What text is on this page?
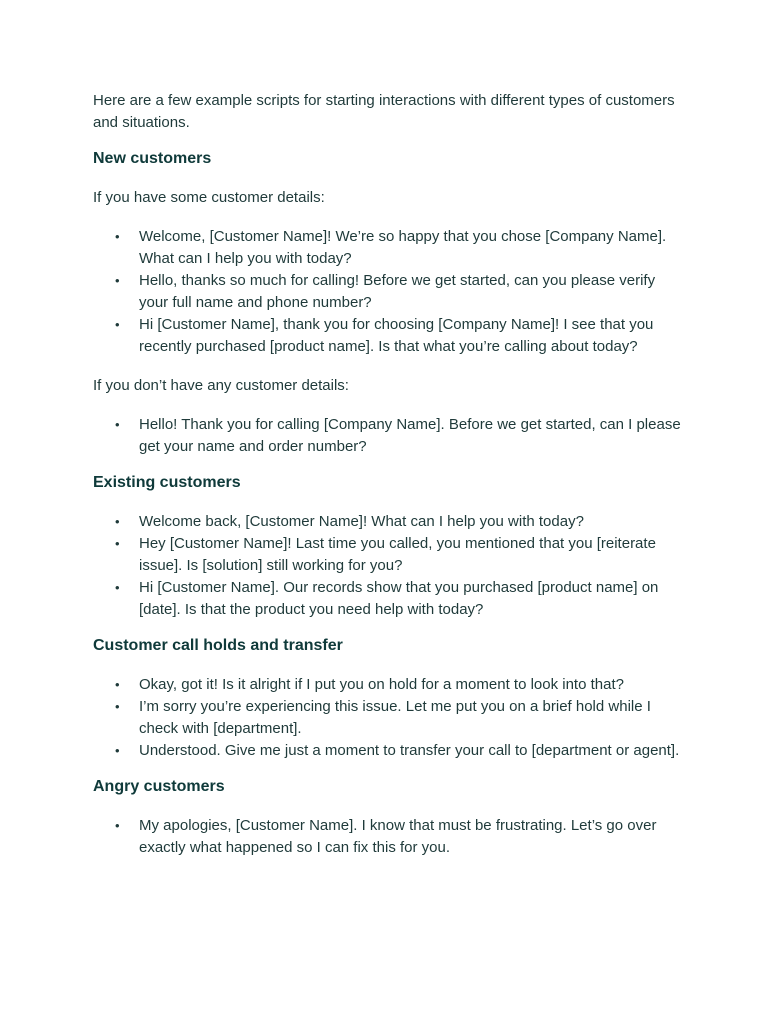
Here are a few example scripts for starting interactions with different types of customers and situations.

New customers

If you have some customer details:

• Welcome, [Customer Name]! We’re so happy that you chose [Company Name]. What can I help you with today?
• Hello, thanks so much for calling! Before we get started, can you please verify your full name and phone number?
• Hi [Customer Name], thank you for choosing [Company Name]! I see that you recently purchased [product name]. Is that what you’re calling about today?

If you don’t have any customer details:

• Hello! Thank you for calling [Company Name]. Before we get started, can I please get your name and order number?
Existing customers
• Welcome back, [Customer Name]! What can I help you with today?
• Hey [Customer Name]! Last time you called, you mentioned that you [reiterate issue]. Is [solution] still working for you?
• Hi [Customer Name]. Our records show that you purchased [product name] on [date]. Is that the product you need help with today?
Customer call holds and transfer
• Okay, got it! Is it alright if I put you on hold for a moment to look into that?
• I’m sorry you’re experiencing this issue. Let me put you on a brief hold while I check with [department].
• Understood. Give me just a moment to transfer your call to [department or agent].
Angry customers
• My apologies, [Customer Name]. I know that must be frustrating. Let’s go over exactly what happened so I can fix this for you.
